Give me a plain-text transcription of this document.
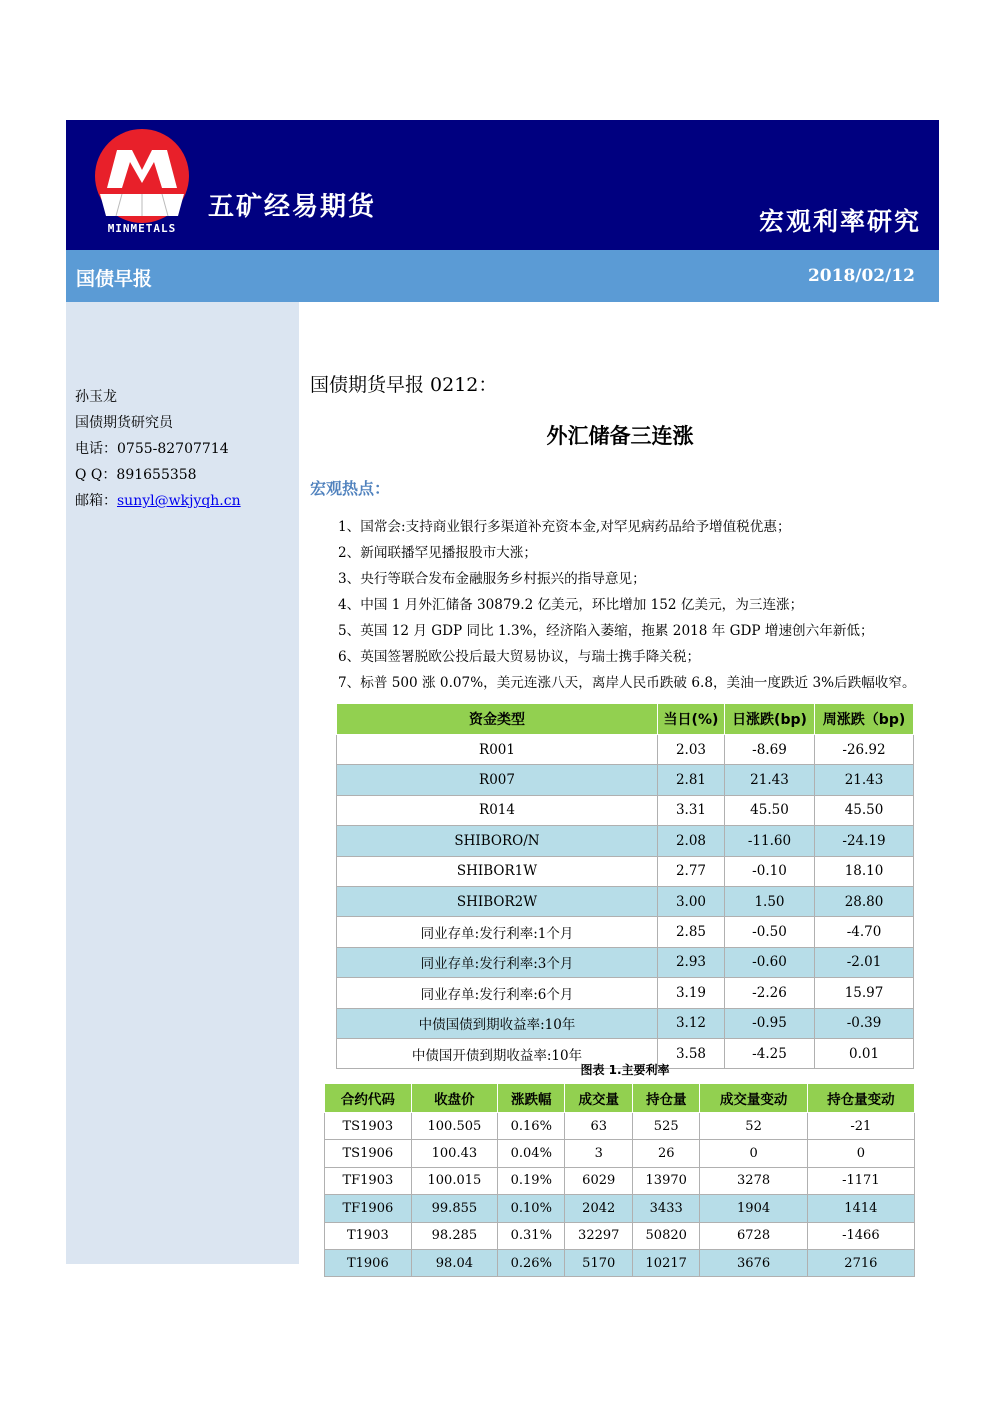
MINMETALS
五矿经易期货	宏观利率研究
国债早报	2018/02/12
孙玉龙
国债期货研究员
电话：0755-82707714
Q Q：891655358
邮箱：sunyl@wkjyqh.cn
国债期货早报 0212：
外汇储备三连涨
宏观热点：
1、国常会:支持商业银行多渠道补充资本金,对罕见病药品给予增值税优惠；
2、新闻联播罕见播报股市大涨；
3、央行等联合发布金融服务乡村振兴的指导意见；
4、中国 1 月外汇储备 30879.2 亿美元，环比增加 152 亿美元，为三连涨；
5、英国 12 月 GDP 同比 1.3%，经济陷入萎缩，拖累 2018 年 GDP 增速创六年新低；
6、英国签署脱欧公投后最大贸易协议，与瑞士携手降关税；
7、标普 500 涨 0.07%，美元连涨八天，离岸人民币跌破 6.8，美油一度跌近 3%后跌幅收窄。
资金类型	当日(%)	日涨跌(bp)	周涨跌（bp)
R001	2.03	-8.69	-26.92
R007	2.81	21.43	21.43
R014	3.31	45.50	45.50
SHIBORO/N	2.08	-11.60	-24.19
SHIBOR1W	2.77	-0.10	18.10
SHIBOR2W	3.00	1.50	28.80
同业存单:发行利率:1个月	2.85	-0.50	-4.70
同业存单:发行利率:3个月	2.93	-0.60	-2.01
同业存单:发行利率:6个月	3.19	-2.26	15.97
中债国债到期收益率:10年	3.12	-0.95	-0.39
中债国开债到期收益率:10年	3.58	-4.25	0.01
图表 1.主要利率
合约代码	收盘价	涨跌幅	成交量	持仓量	成交量变动	持仓量变动
TS1903	100.505	0.16%	63	525	52	-21
TS1906	100.43	0.04%	3	26	0	0
TF1903	100.015	0.19%	6029	13970	3278	-1171
TF1906	99.855	0.10%	2042	3433	1904	1414
T1903	98.285	0.31%	32297	50820	6728	-1466
T1906	98.04	0.26%	5170	10217	3676	2716
